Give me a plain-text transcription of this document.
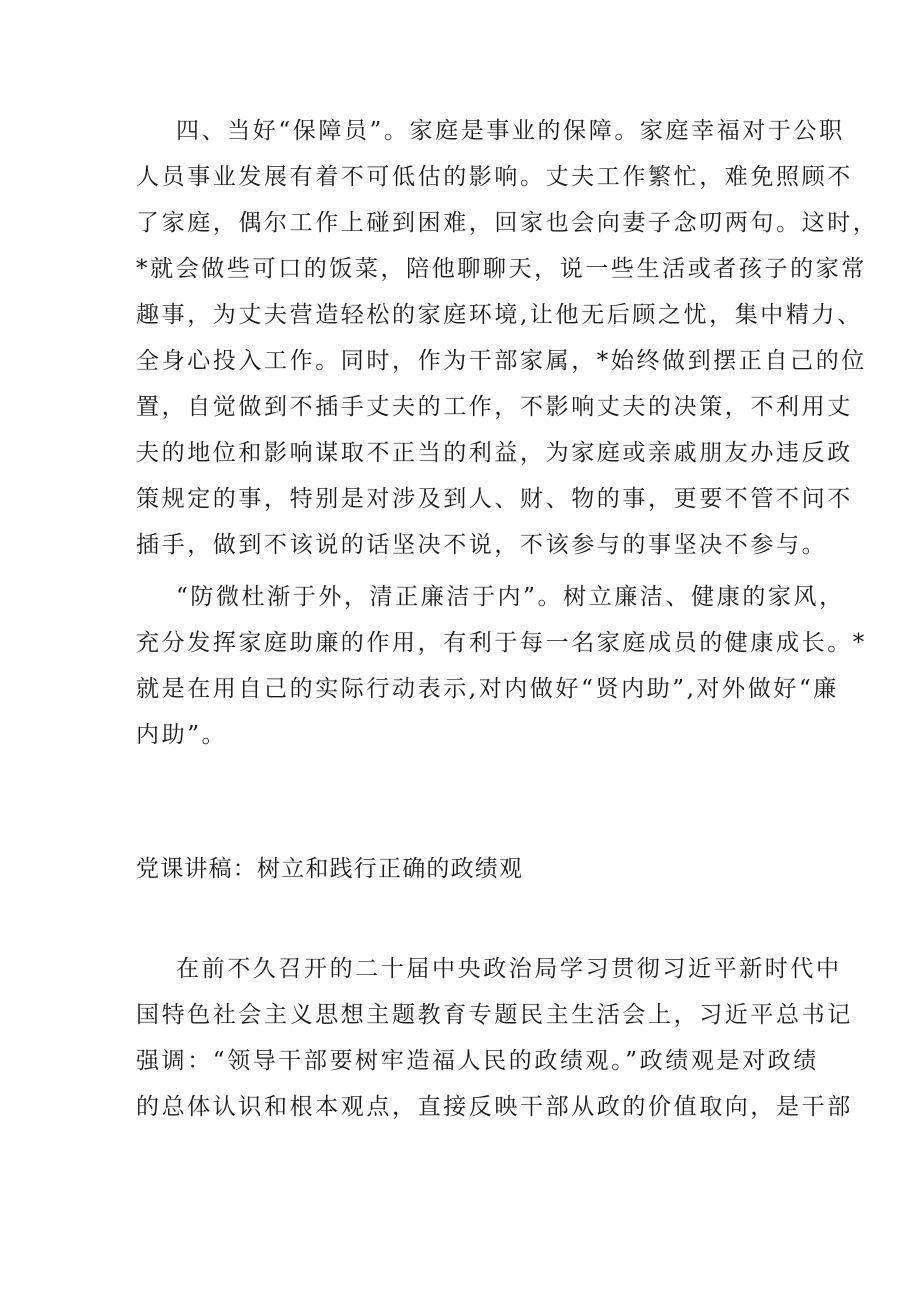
四、当好“保障员”。家庭是事业的保障。家庭幸福对于公职
人员事业发展有着不可低估的影响。丈夫工作繁忙，难免照顾不
了家庭，偶尔工作上碰到困难，回家也会向妻子念叨两句。这时，
*就会做些可口的饭菜，陪他聊聊天，说一些生活或者孩子的家常
趣事，为丈夫营造轻松的家庭环境,让他无后顾之忧，集中精力、
全身心投入工作。同时，作为干部家属，*始终做到摆正自己的位
置，自觉做到不插手丈夫的工作，不影响丈夫的决策，不利用丈
夫的地位和影响谋取不正当的利益，为家庭或亲戚朋友办违反政
策规定的事，特别是对涉及到人、财、物的事，更要不管不问不
插手，做到不该说的话坚决不说，不该参与的事坚决不参与。
“防微杜渐于外，清正廉洁于内”。树立廉洁、健康的家风，
充分发挥家庭助廉的作用，有利于每一名家庭成员的健康成长。*
就是在用自己的实际行动表示,对内做好“贤内助”,对外做好“廉
内助”。
党课讲稿：树立和践行正确的政绩观
在前不久召开的二十届中央政治局学习贯彻习近平新时代中
国特色社会主义思想主题教育专题民主生活会上，习近平总书记
强调：“领导干部要树牢造福人民的政绩观。”政绩观是对政绩
的总体认识和根本观点，直接反映干部从政的价值取向，是干部
